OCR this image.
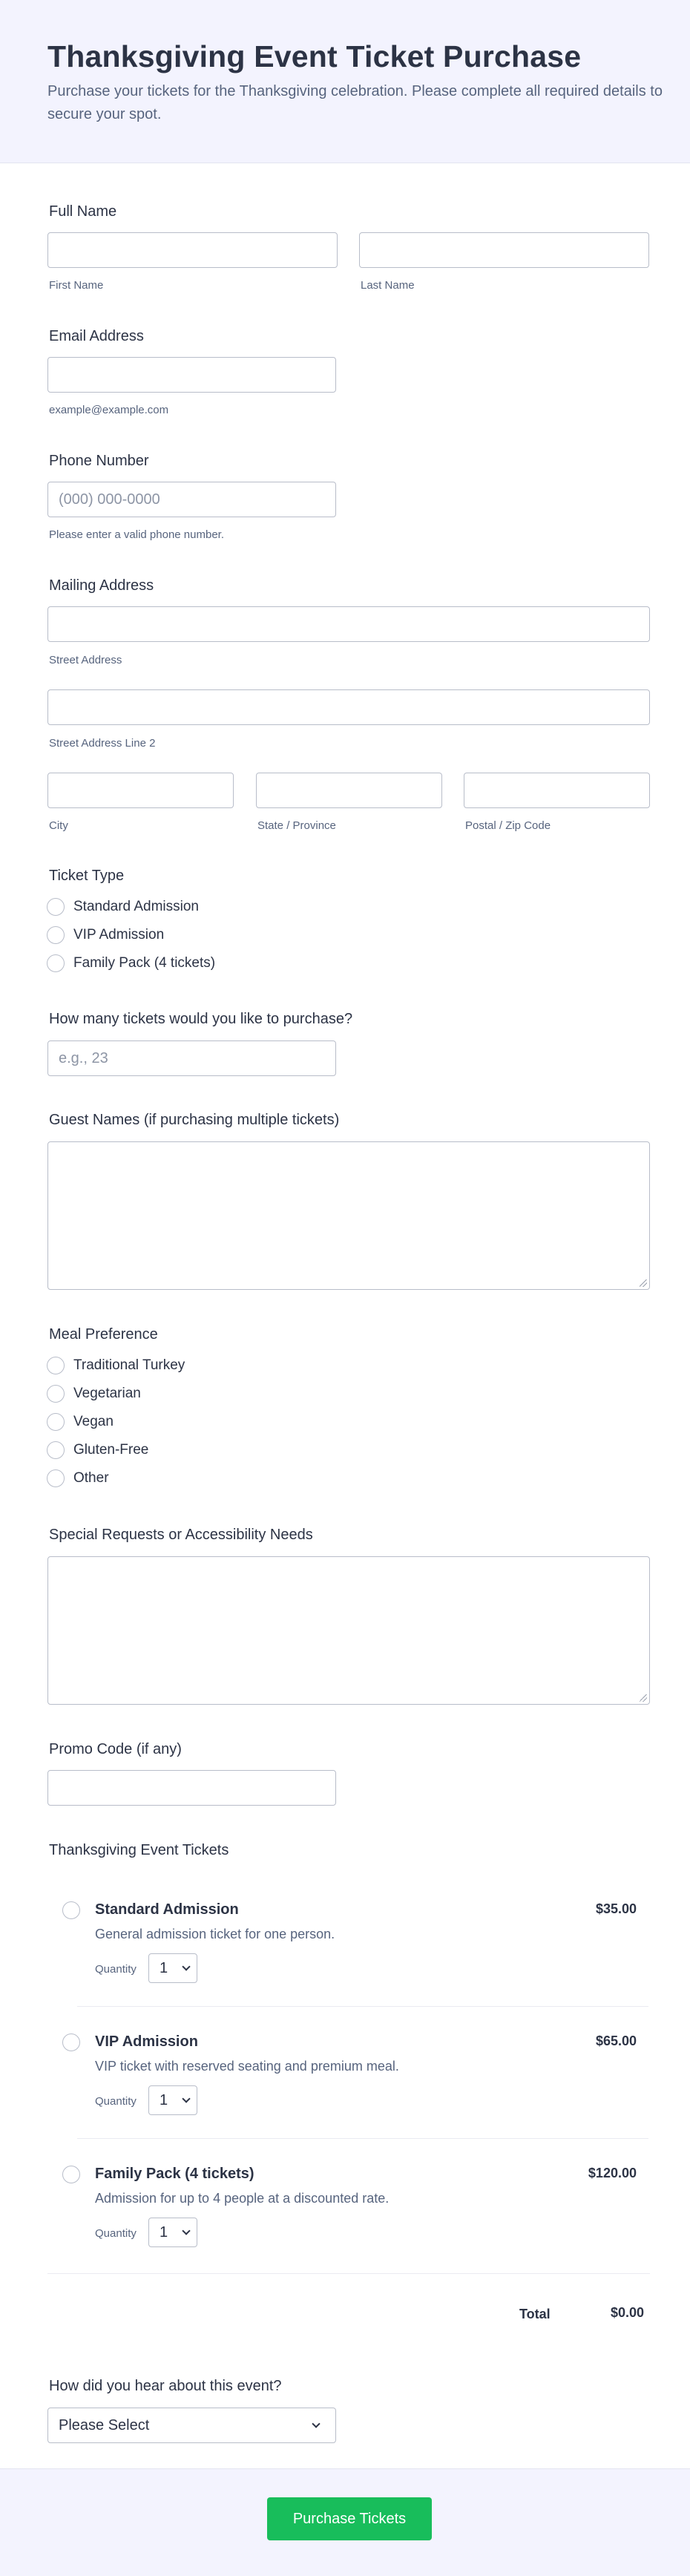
Thanksgiving Event Ticket Purchase

Purchase your tickets for the Thanksgiving celebration. Please complete all required details to secure your spot.

Full Name
First Name	Last Name
Email Address
example@example.com
Phone Number
(000) 000-0000
Please enter a valid phone number.
Mailing Address
Street Address
Street Address Line 2
City	State / Province	Postal / Zip Code
Ticket Type
Standard Admission
VIP Admission
Family Pack (4 tickets)
How many tickets would you like to purchase?
e.g., 23
Guest Names (if purchasing multiple tickets)
Meal Preference
Traditional Turkey
Vegetarian
Vegan
Gluten-Free
Other
Special Requests or Accessibility Needs
Promo Code (if any)
Thanksgiving Event Tickets
Standard Admission	$35.00
General admission ticket for one person.
Quantity 1
VIP Admission	$65.00
VIP ticket with reserved seating and premium meal.
Quantity 1
Family Pack (4 tickets)	$120.00
Admission for up to 4 people at a discounted rate.
Quantity 1
Total	$0.00
How did you hear about this event?
Please Select
Purchase Tickets
